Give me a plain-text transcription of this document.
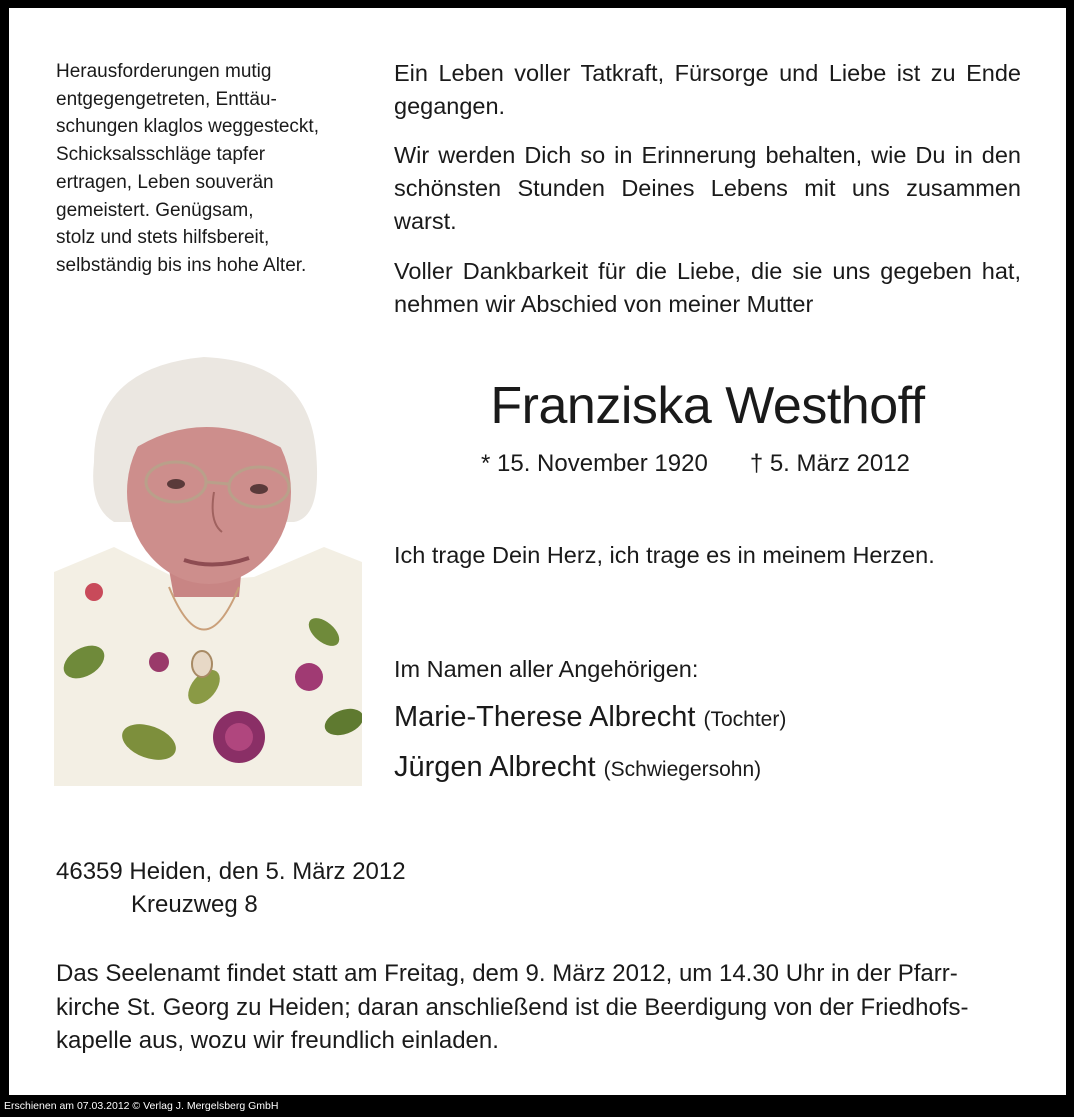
Herausforderungen mutig
entgegengetreten, Enttäu-
schungen klaglos weggesteckt,
Schicksalsschläge tapfer
ertragen, Leben souverän
gemeistert. Genügsam,
stolz und stets hilfsbereit,
selbständig bis ins hohe Alter.

Ein Leben voller Tatkraft, Fürsorge und Liebe ist zu Ende gegangen.

Wir werden Dich so in Erinnerung behalten, wie Du in den schönsten Stunden Deines Lebens mit uns zusammen warst.

Voller Dankbarkeit für die Liebe, die sie uns gegeben hat, nehmen wir Abschied von meiner Mutter

Franziska Westhoff
* 15. November 1920 † 5. März 2012
Ich trage Dein Herz, ich trage es in meinem Herzen.
Im Namen aller Angehörigen:
Marie-Therese Albrecht (Tochter)
Jürgen Albrecht (Schwiegersohn)
46359 Heiden, den 5. März 2012
Kreuzweg 8
Das Seelenamt findet statt am Freitag, dem 9. März 2012, um 14.30 Uhr in der Pfarr-
kirche St. Georg zu Heiden; daran anschließend ist die Beerdigung von der Friedhofs-
kapelle aus, wozu wir freundlich einladen.
Erschienen am 07.03.2012 © Verlag J. Mergelsberg GmbH
